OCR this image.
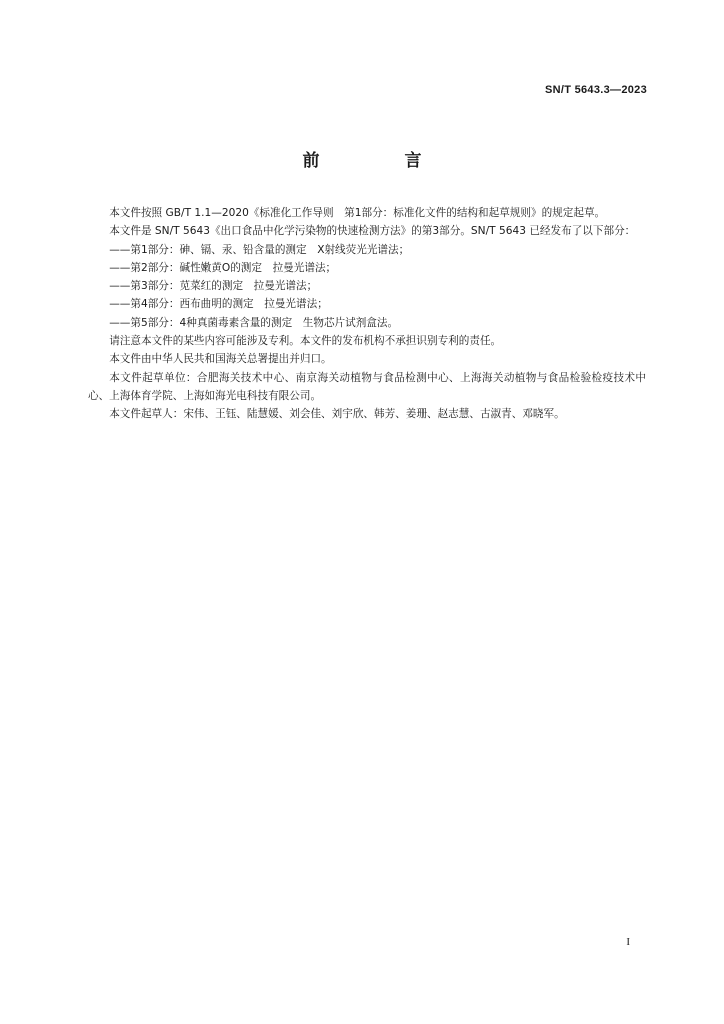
SN/T 5643.3—2023
前　言

本文件按照 GB/T 1.1—2020《标准化工作导则　第1部分：标准化文件的结构和起草规则》的规定起草。

本文件是 SN/T 5643《出口食品中化学污染物的快速检测方法》的第3部分。SN/T 5643 已经发布了以下部分：

——第1部分：砷、镉、汞、铅含量的测定　X射线荧光光谱法；
——第2部分：碱性嫩黄O的测定　拉曼光谱法；
——第3部分：苋菜红的测定　拉曼光谱法；
——第4部分：西布曲明的测定　拉曼光谱法；
——第5部分：4种真菌毒素含量的测定　生物芯片试剂盒法。

请注意本文件的某些内容可能涉及专利。本文件的发布机构不承担识别专利的责任。

本文件由中华人民共和国海关总署提出并归口。

本文件起草单位：合肥海关技术中心、南京海关动植物与食品检测中心、上海海关动植物与食品检验检疫技术中心、上海体育学院、上海如海光电科技有限公司。

本文件起草人：宋伟、王钰、陆慧媛、刘会佳、刘宇欣、韩芳、姜珊、赵志慧、古淑青、邓晓军。

I
